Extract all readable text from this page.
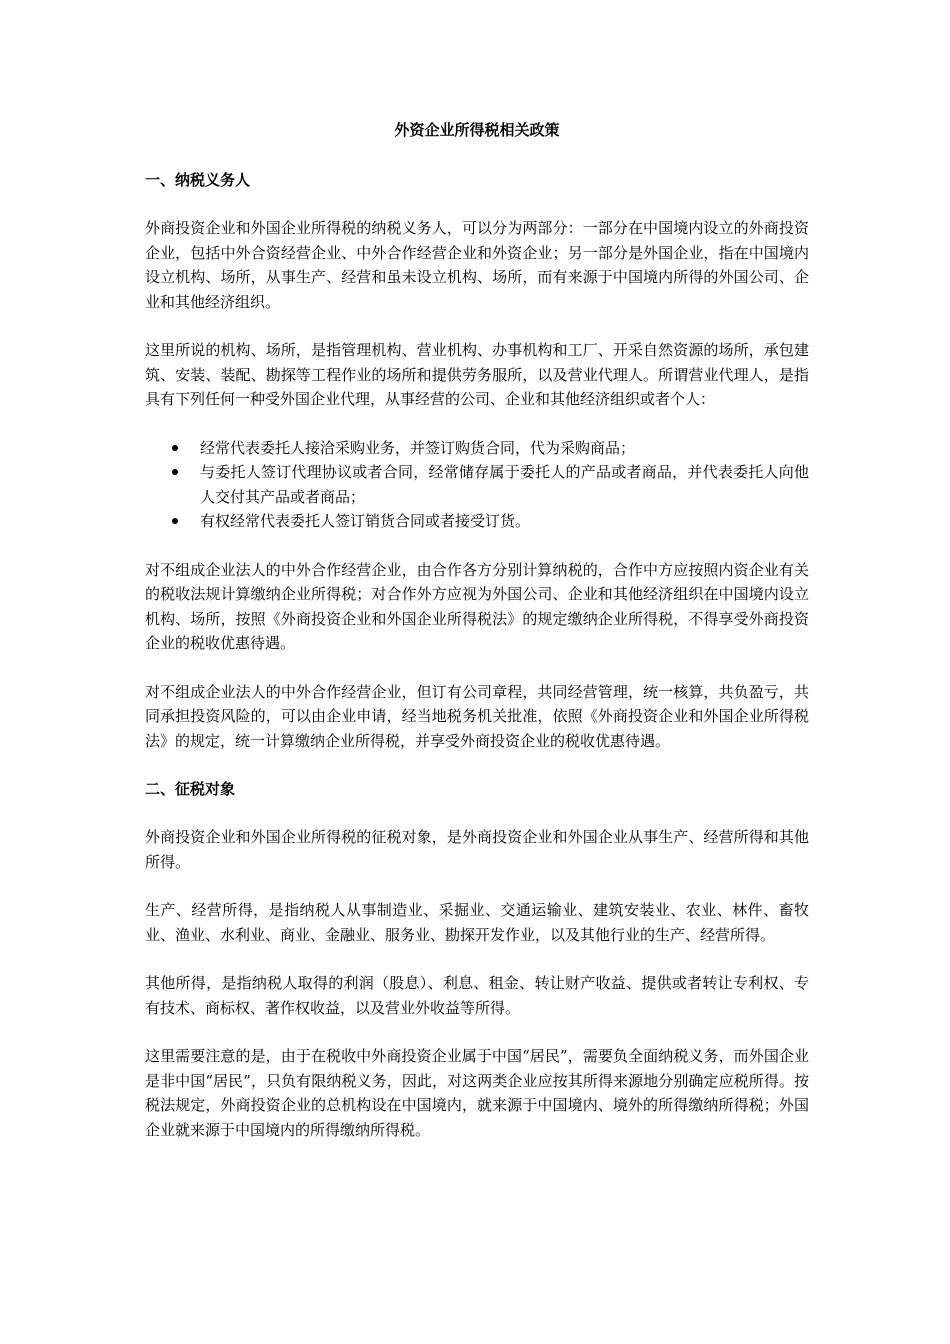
外资企业所得税相关政策
一、纳税义务人

外商投资企业和外国企业所得税的纳税义务人，可以分为两部分：一部分在中国境内设立的外商投资企业，包括中外合资经营企业、中外合作经营企业和外资企业；另一部分是外国企业，指在中国境内设立机构、场所，从事生产、经营和虽未设立机构、场所，而有来源于中国境内所得的外国公司、企业和其他经济组织。

这里所说的机构、场所，是指管理机构、营业机构、办事机构和工厂、开采自然资源的场所，承包建筑、安装、装配、勘探等工程作业的场所和提供劳务服所，以及营业代理人。所谓营业代理人，是指具有下列任何一种受外国企业代理，从事经营的公司、企业和其他经济组织或者个人：

经常代表委托人接洽采购业务，并签订购货合同，代为采购商品；
与委托人签订代理协议或者合同，经常储存属于委托人的产品或者商品，并代表委托人向他人交付其产品或者商品；
有权经常代表委托人签订销货合同或者接受订货。

对不组成企业法人的中外合作经营企业，由合作各方分别计算纳税的，合作中方应按照内资企业有关的税收法规计算缴纳企业所得税；对合作外方应视为外国公司、企业和其他经济组织在中国境内设立机构、场所，按照《外商投资企业和外国企业所得税法》的规定缴纳企业所得税，不得享受外商投资企业的税收优惠待遇。

对不组成企业法人的中外合作经营企业，但订有公司章程，共同经营管理，统一核算，共负盈亏，共同承担投资风险的，可以由企业申请，经当地税务机关批准，依照《外商投资企业和外国企业所得税法》的规定，统一计算缴纳企业所得税，并享受外商投资企业的税收优惠待遇。

二、征税对象

外商投资企业和外国企业所得税的征税对象，是外商投资企业和外国企业从事生产、经营所得和其他所得。

生产、经营所得，是指纳税人从事制造业、采掘业、交通运输业、建筑安装业、农业、林件、畜牧业、渔业、水利业、商业、金融业、服务业、勘探开发作业，以及其他行业的生产、经营所得。

其他所得，是指纳税人取得的利润（股息）、利息、租金、转让财产收益、提供或者转让专利权、专有技术、商标权、著作权收益，以及营业外收益等所得。

这里需要注意的是，由于在税收中外商投资企业属于中国“居民”，需要负全面纳税义务，而外国企业是非中国“居民”，只负有限纳税义务，因此，对这两类企业应按其所得来源地分别确定应税所得。按税法规定，外商投资企业的总机构设在中国境内，就来源于中国境内、境外的所得缴纳所得税；外国企业就来源于中国境内的所得缴纳所得税。
